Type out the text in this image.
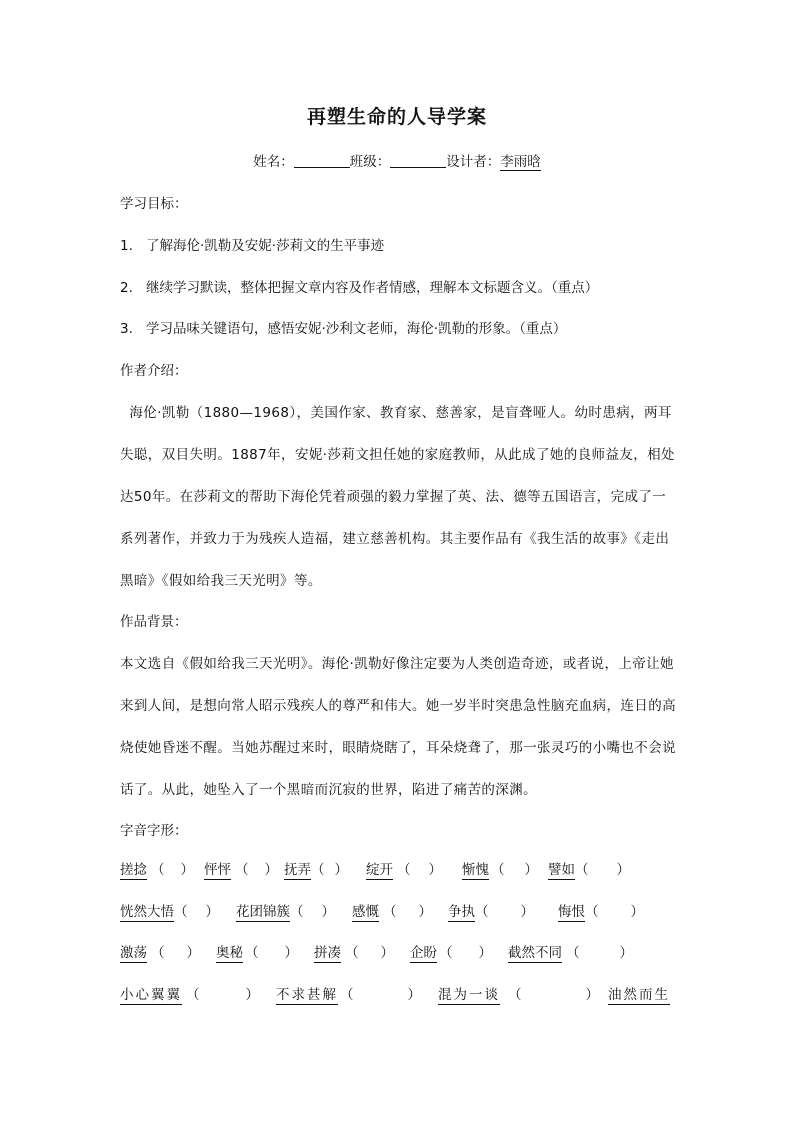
再塑生命的人导学案
姓名：	班级：	设计者：李雨晗
学习目标：
1. 了解海伦·凯勒及安妮·莎莉文的生平事迹
2. 继续学习默读，整体把握文章内容及作者情感，理解本文标题含义。（重点）
3. 学习品味关键语句，感悟安妮·沙利文老师，海伦·凯勒的形象。（重点）
作者介绍：
海伦·凯勒（1880—1968），美国作家、教育家、慈善家，是盲聋哑人。幼时患病，两耳
失聪，双目失明。1887年，安妮·莎莉文担任她的家庭教师，从此成了她的良师益友，相处
达50年。在莎莉文的帮助下海伦凭着顽强的毅力掌握了英、法、德等五国语言，完成了一
系列著作，并致力于为残疾人造福，建立慈善机构。其主要作品有《我生活的故事》《走出
黑暗》《假如给我三天光明》等。
作品背景：
本文选自《假如给我三天光明》。海伦·凯勒好像注定要为人类创造奇迹，或者说，上帝让她
来到人间，是想向常人昭示残疾人的尊严和伟大。她一岁半时突患急性脑充血病，连日的高
烧使她昏迷不醒。当她苏醒过来时，眼睛烧瞎了，耳朵烧聋了，那一张灵巧的小嘴也不会说
话了。从此，她坠入了一个黑暗而沉寂的世界，陷进了痛苦的深渊。
字音字形：
搓捻 （ ） 怦怦 （ ） 抚弄 （ ） 绽开 （ ） 惭愧 （ ） 譬如 （ ）
恍然大悟 （ ） 花团锦簇 （ ） 感慨 （ ） 争执 （ ） 悔恨 （ ）
激荡 （ ） 奥秘 （ ） 拼凑 （ ） 企盼 （ ） 截然不同 （	）
小心翼翼 （	） 不求甚解 （	） 混为一谈 （	） 油然而生
